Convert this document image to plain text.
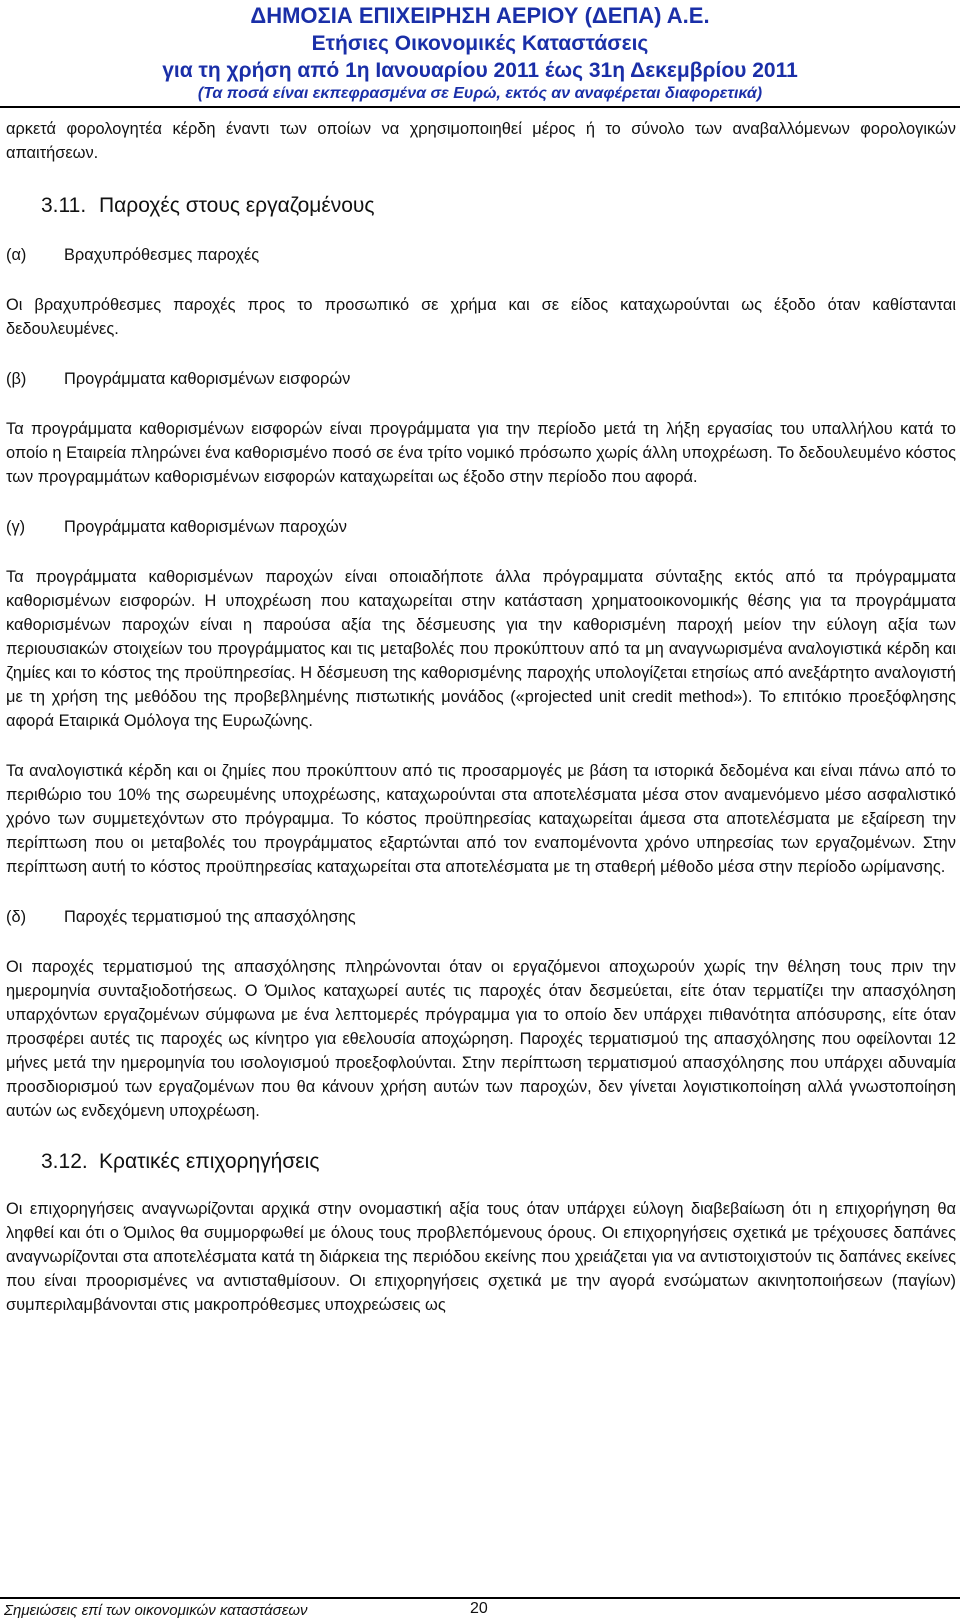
ΔΗΜΟΣΙΑ ΕΠΙΧΕΙΡΗΣΗ ΑΕΡΙΟΥ (ΔΕΠΑ) Α.Ε.
Ετήσιες Οικονομικές Καταστάσεις
για τη χρήση από 1η Ιανουαρίου 2011 έως 31η Δεκεμβρίου 2011
(Τα ποσά είναι εκπεφρασμένα σε Ευρώ, εκτός αν αναφέρεται διαφορετικά)

αρκετά φορολογητέα κέρδη έναντι των οποίων να χρησιμοποιηθεί μέρος ή το σύνολο των αναβαλλόμενων φορολογικών απαιτήσεων.

3.11. Παροχές στους εργαζομένους
(α) Βραχυπρόθεσμες παροχές

Οι βραχυπρόθεσμες παροχές προς το προσωπικό σε χρήμα και σε είδος καταχωρούνται ως έξοδο όταν καθίστανται δεδουλευμένες.

(β) Προγράμματα καθορισμένων εισφορών

Τα προγράμματα καθορισμένων εισφορών είναι προγράμματα για την περίοδο μετά τη λήξη εργασίας του υπαλλήλου κατά το οποίο η Εταιρεία πληρώνει ένα καθορισμένο ποσό σε ένα τρίτο νομικό πρόσωπο χωρίς άλλη υποχρέωση. Το δεδουλευμένο κόστος των προγραμμάτων καθορισμένων εισφορών καταχωρείται ως έξοδο στην περίοδο που αφορά.

(γ) Προγράμματα καθορισμένων παροχών

Τα προγράμματα καθορισμένων παροχών είναι οποιαδήποτε άλλα πρόγραμματα σύνταξης εκτός από τα πρόγραμματα καθορισμένων εισφορών. Η υποχρέωση που καταχωρείται στην κατάσταση χρηματοοικονομικής θέσης για τα προγράμματα καθορισμένων παροχών είναι η παρούσα αξία της δέσμευσης για την καθορισμένη παροχή μείον την εύλογη αξία των περιουσιακών στοιχείων του προγράμματος και τις μεταβολές που προκύπτουν από τα μη αναγνωρισμένα αναλογιστικά κέρδη και ζημίες και το κόστος της προϋπηρεσίας. Η δέσμευση της καθορισμένης παροχής υπολογίζεται ετησίως από ανεξάρτητο αναλογιστή με τη χρήση της μεθόδου της προβεβλημένης πιστωτικής μονάδος («projected unit credit method»). Το επιτόκιο προεξόφλησης αφορά Εταιρικά Ομόλογα της Ευρωζώνης.

Τα αναλογιστικά κέρδη και οι ζημίες που προκύπτουν από τις προσαρμογές με βάση τα ιστορικά δεδομένα και είναι πάνω από το περιθώριο του 10% της σωρευμένης υποχρέωσης, καταχωρούνται στα αποτελέσματα μέσα στον αναμενόμενο μέσο ασφαλιστικό χρόνο των συμμετεχόντων στο πρόγραμμα. Το κόστος προϋπηρεσίας καταχωρείται άμεσα στα αποτελέσματα με εξαίρεση την περίπτωση που οι μεταβολές του προγράμματος εξαρτώνται από τον εναπομένοντα χρόνο υπηρεσίας των εργαζομένων. Στην περίπτωση αυτή το κόστος προϋπηρεσίας καταχωρείται στα αποτελέσματα με τη σταθερή μέθοδο μέσα στην περίοδο ωρίμανσης.

(δ) Παροχές τερματισμού της απασχόλησης

Οι παροχές τερματισμού της απασχόλησης πληρώνονται όταν οι εργαζόμενοι αποχωρούν χωρίς την θέληση τους πριν την ημερομηνία συνταξιοδοτήσεως. Ο Όμιλος καταχωρεί αυτές τις παροχές όταν δεσμεύεται, είτε όταν τερματίζει την απασχόληση υπαρχόντων εργαζομένων σύμφωνα με ένα λεπτομερές πρόγραμμα για το οποίο δεν υπάρχει πιθανότητα απόσυρσης, είτε όταν προσφέρει αυτές τις παροχές ως κίνητρο για εθελουσία αποχώρηση. Παροχές τερματισμού της απασχόλησης που οφείλονται 12 μήνες μετά την ημερομηνία του ισολογισμού προεξοφλούνται. Στην περίπτωση τερματισμού απασχόλησης που υπάρχει αδυναμία προσδιορισμού των εργαζομένων που θα κάνουν χρήση αυτών των παροχών, δεν γίνεται λογιστικοποίηση αλλά γνωστοποίηση αυτών ως ενδεχόμενη υποχρέωση.

3.12. Κρατικές επιχορηγήσεις

Οι επιχορηγήσεις αναγνωρίζονται αρχικά στην ονομαστική αξία τους όταν υπάρχει εύλογη διαβεβαίωση ότι η επιχορήγηση θα ληφθεί και ότι ο Όμιλος θα συμμορφωθεί με όλους τους προβλεπόμενους όρους. Οι επιχορηγήσεις σχετικά με τρέχουσες δαπάνες αναγνωρίζονται στα αποτελέσματα κατά τη διάρκεια της περιόδου εκείνης που χρειάζεται για να αντιστοιχιστούν τις δαπάνες εκείνες που είναι προορισμένες να αντισταθμίσουν. Οι επιχορηγήσεις σχετικά με την αγορά ενσώματων ακινητοποιήσεων (παγίων) συμπεριλαμβάνονται στις μακροπρόθεσμες υποχρεώσεις ως

Σημειώσεις επί των οικονομικών καταστάσεων	20
